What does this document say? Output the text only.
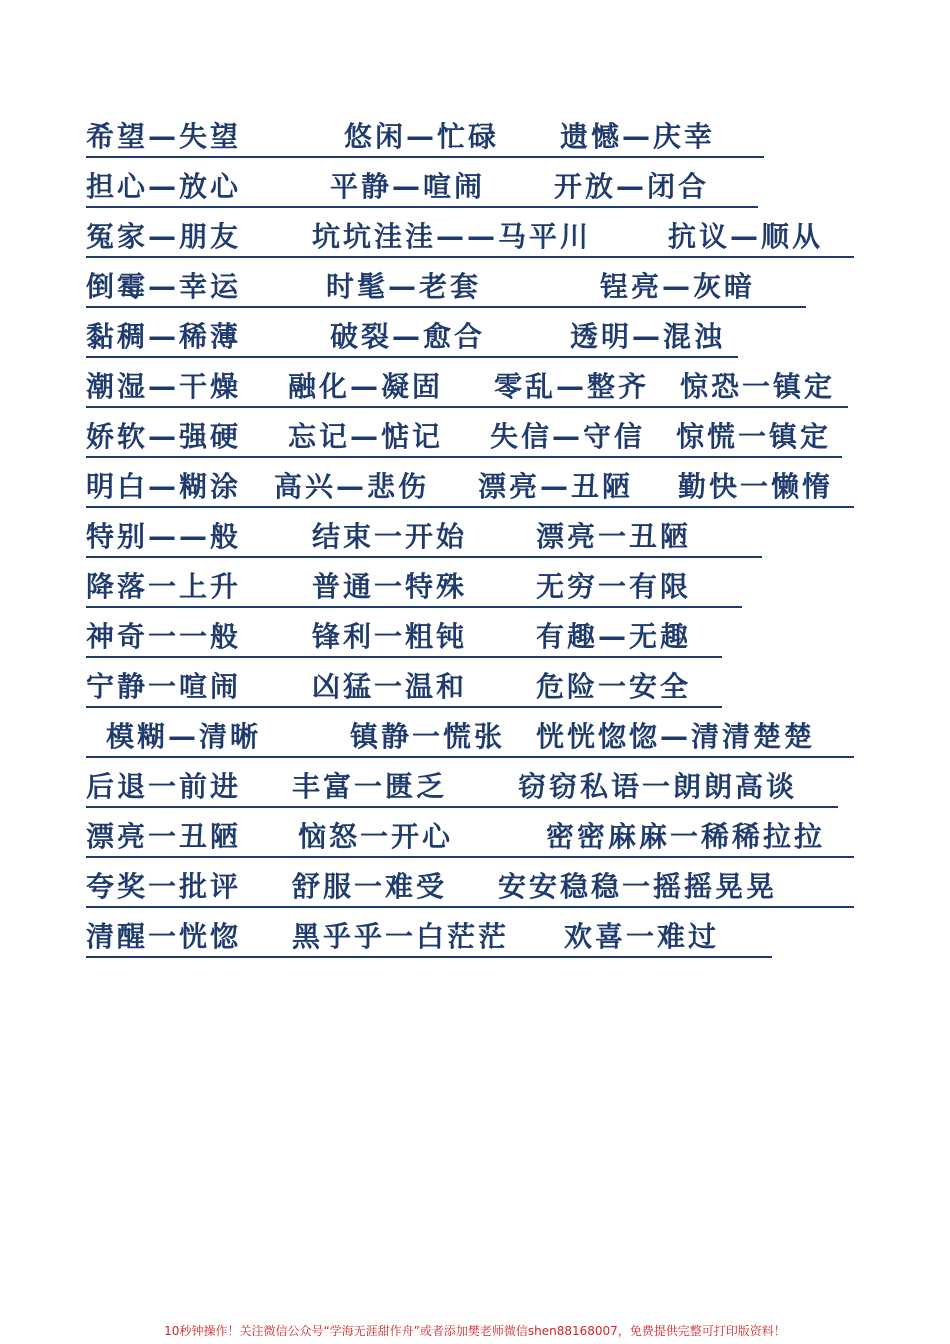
希望—失望	悠闲—忙碌 遗憾—庆幸
担心—放心	平静—喧闹 开放—闭合
冤家—朋友	坑坑洼洼——马平川	抗议—顺从
倒霉—幸运	时髦—老套	锃亮—灰暗
黏稠—稀薄	破裂—愈合	透明—混浊
潮湿—干燥 融化—凝固 零乱—整齐 惊恐一镇定
娇软—强硬 忘记—惦记 失信—守信 惊慌一镇定
明白—糊涂 高兴—悲伤 漂亮—丑陋 勤快一懒惰
特别——般	结束一开始 漂亮一丑陋
降落一上升	普通一特殊 无穷一有限
神奇一一般	锋利一粗钝 有趣—无趣
宁静一喧闹	凶猛一温和 危险一安全
模糊—清晰	镇静一慌张 恍恍惚惚—清清楚楚
后退一前进 丰富一匮乏	窃窃私语一朗朗高谈
漂亮一丑陋 恼怒一开心	密密麻麻一稀稀拉拉
夸奖一批评 舒服一难受 安安稳稳一摇摇晃晃
清醒一恍惚 黑乎乎一白茫茫 欢喜一难过
10秒钟操作！关注微信公众号“学海无涯甜作舟”或者添加樊老师微信shen88168007，免费提供完整可打印版资料！
